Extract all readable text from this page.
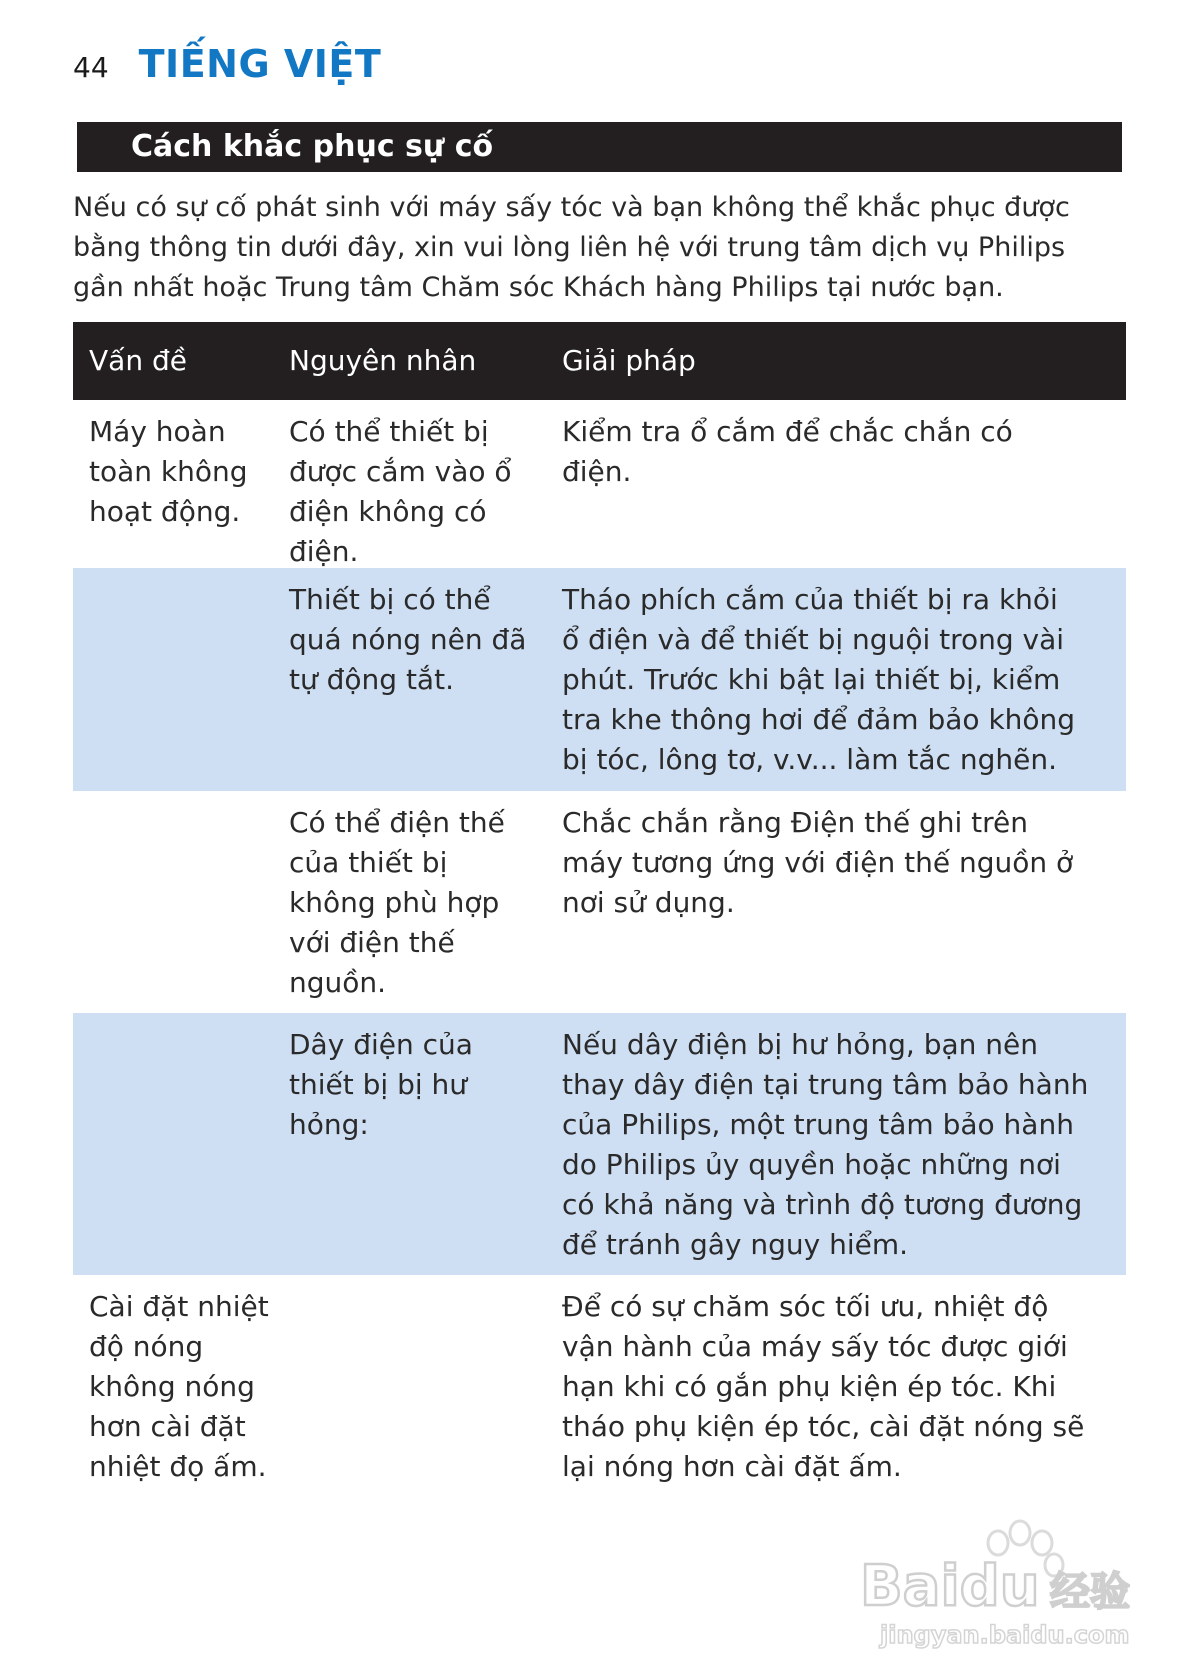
44 TIẾNG VIỆT
Cách khắc phục sự cố

Nếu có sự cố phát sinh với máy sấy tóc và bạn không thể khắc phục được

bằng thông tin dưới đây, xin vui lòng liên hệ với trung tâm dịch vụ Philips

gần nhất hoặc Trung tâm Chăm sóc Khách hàng Philips tại nước bạn.

Vấn đề	Nguyên nhân	Giải pháp

Máy hoàn

toàn không

hoạt động.

Có thể thiết bị

được cắm vào ổ

điện không có

điện.

Kiểm tra ổ cắm để chắc chắn có

điện.

Thiết bị có thể

quá nóng nên đã

tự động tắt.

Tháo phích cắm của thiết bị ra khỏi

ổ điện và để thiết bị nguội trong vài

phút. Trước khi bật lại thiết bị, kiểm

tra khe thông hơi để đảm bảo không

bị tóc, lông tơ, v.v... làm tắc nghẽn.

Có thể điện thế

của thiết bị

không phù hợp

với điện thế

nguồn.

Chắc chắn rằng Điện thế ghi trên

máy tương ứng với điện thế nguồn ở

nơi sử dụng.

Dây điện của

thiết bị bị hư

hỏng:

Nếu dây điện bị hư hỏng, bạn nên

thay dây điện tại trung tâm bảo hành

của Philips, một trung tâm bảo hành

do Philips ủy quyền hoặc những nơi

có khả năng và trình độ tương đương

để tránh gây nguy hiểm.

Cài đặt nhiệt

độ nóng

không nóng

hơn cài đặt

nhiệt đọ ấm.

Để có sự chăm sóc tối ưu, nhiệt độ

vận hành của máy sấy tóc được giới

hạn khi có gắn phụ kiện ép tóc. Khi

tháo phụ kiện ép tóc, cài đặt nóng sẽ

lại nóng hơn cài đặt ấm.

Baidu 经验
jingyan.baidu.com
